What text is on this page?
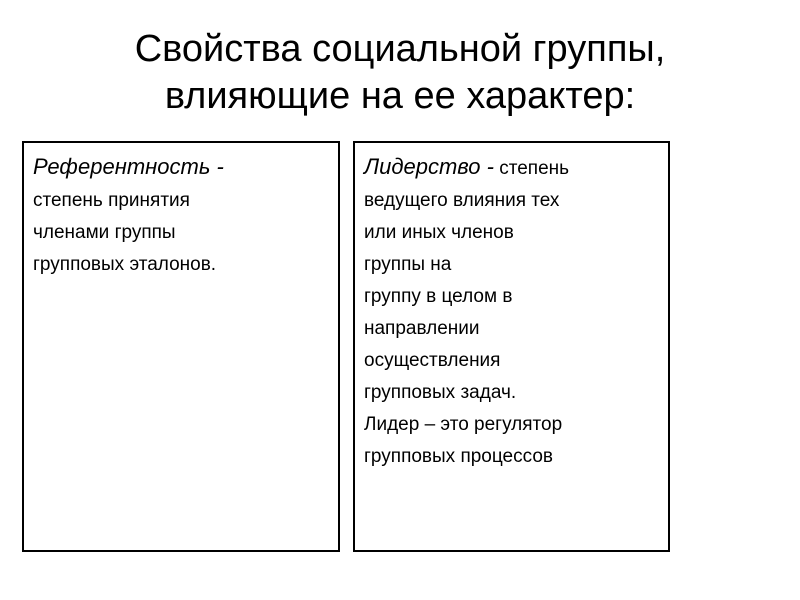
Свойства социальной группы,
влияющие на ее характер:
Референтность -
степень принятия
членами группы
групповых эталонов.
Лидерство - степень
ведущего влияния тех
или иных членов
группы на
группу в целом в
направлении
осуществления
групповых задач.
Лидер – это регулятор
групповых процессов
